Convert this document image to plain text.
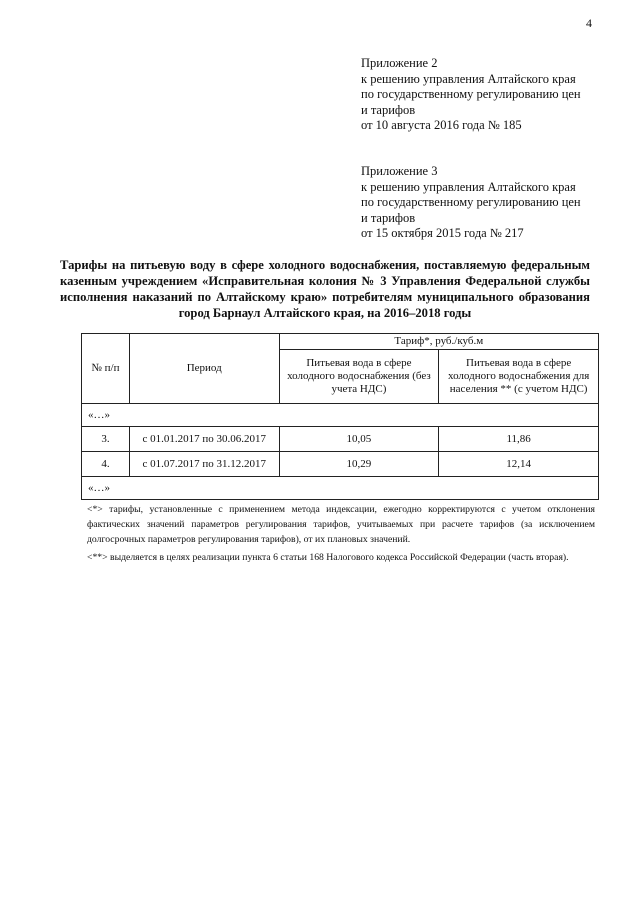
4
Приложение 2
к решению управления Алтайского края
по государственному регулированию цен
и тарифов
от 10 августа 2016 года № 185
Приложение 3
к решению управления Алтайского края
по государственному регулированию цен
и тарифов
от 15 октября 2015 года № 217
Тарифы на питьевую воду в сфере холодного водоснабжения, поставляемую федеральным казенным учреждением «Исправительная колония № 3 Управления Федеральной службы исполнения наказаний по Алтайскому краю» потребителям муниципального образования город Барнаул Алтайского края, на 2016–2018 годы
№ п/п	Период	Тариф*, руб./куб.м	
		Питьевая вода в сфере холодного водоснабжения (без учета НДС)	Питьевая вода в сфере холодного водоснабжения для населения ** (с учетом НДС)
«…»			
3.	с 01.01.2017 по 30.06.2017	10,05	11,86
4.	с 01.07.2017 по 31.12.2017	10,29	12,14
«…»			

<*> тарифы, установленные с применением метода индексации, ежегодно корректируются с учетом отклонения фактических значений параметров регулирования тарифов, учитываемых при расчете тарифов (за исключением долгосрочных параметров регулирования тарифов), от их плановых значений.

<**> выделяется в целях реализации пункта 6 статьи 168 Налогового кодекса Российской Федерации (часть вторая).
